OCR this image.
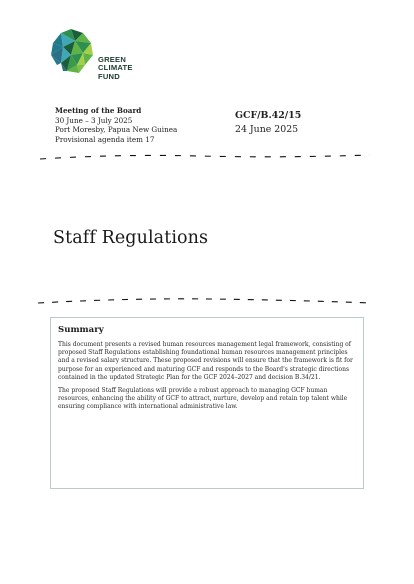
GREEN
CLIMATE
FUND
Meeting of the Board
30 June – 3 July 2025
Port Moresby, Papua New Guinea
Provisional agenda item 17
GCF/B.42/15
24 June 2025
Staff Regulations
Summary

This document presents a revised human resources management legal framework, consisting of proposed Staff Regulations establishing foundational human resources management principles and a revised salary structure. These proposed revisions will ensure that the framework is fit for purpose for an experienced and maturing GCF and responds to the Board's strategic directions contained in the updated Strategic Plan for the GCF 2024–2027 and decision B.34/21.

The proposed Staff Regulations will provide a robust approach to managing GCF human resources, enhancing the ability of GCF to attract, nurture, develop and retain top talent while ensuring compliance with international administrative law.
